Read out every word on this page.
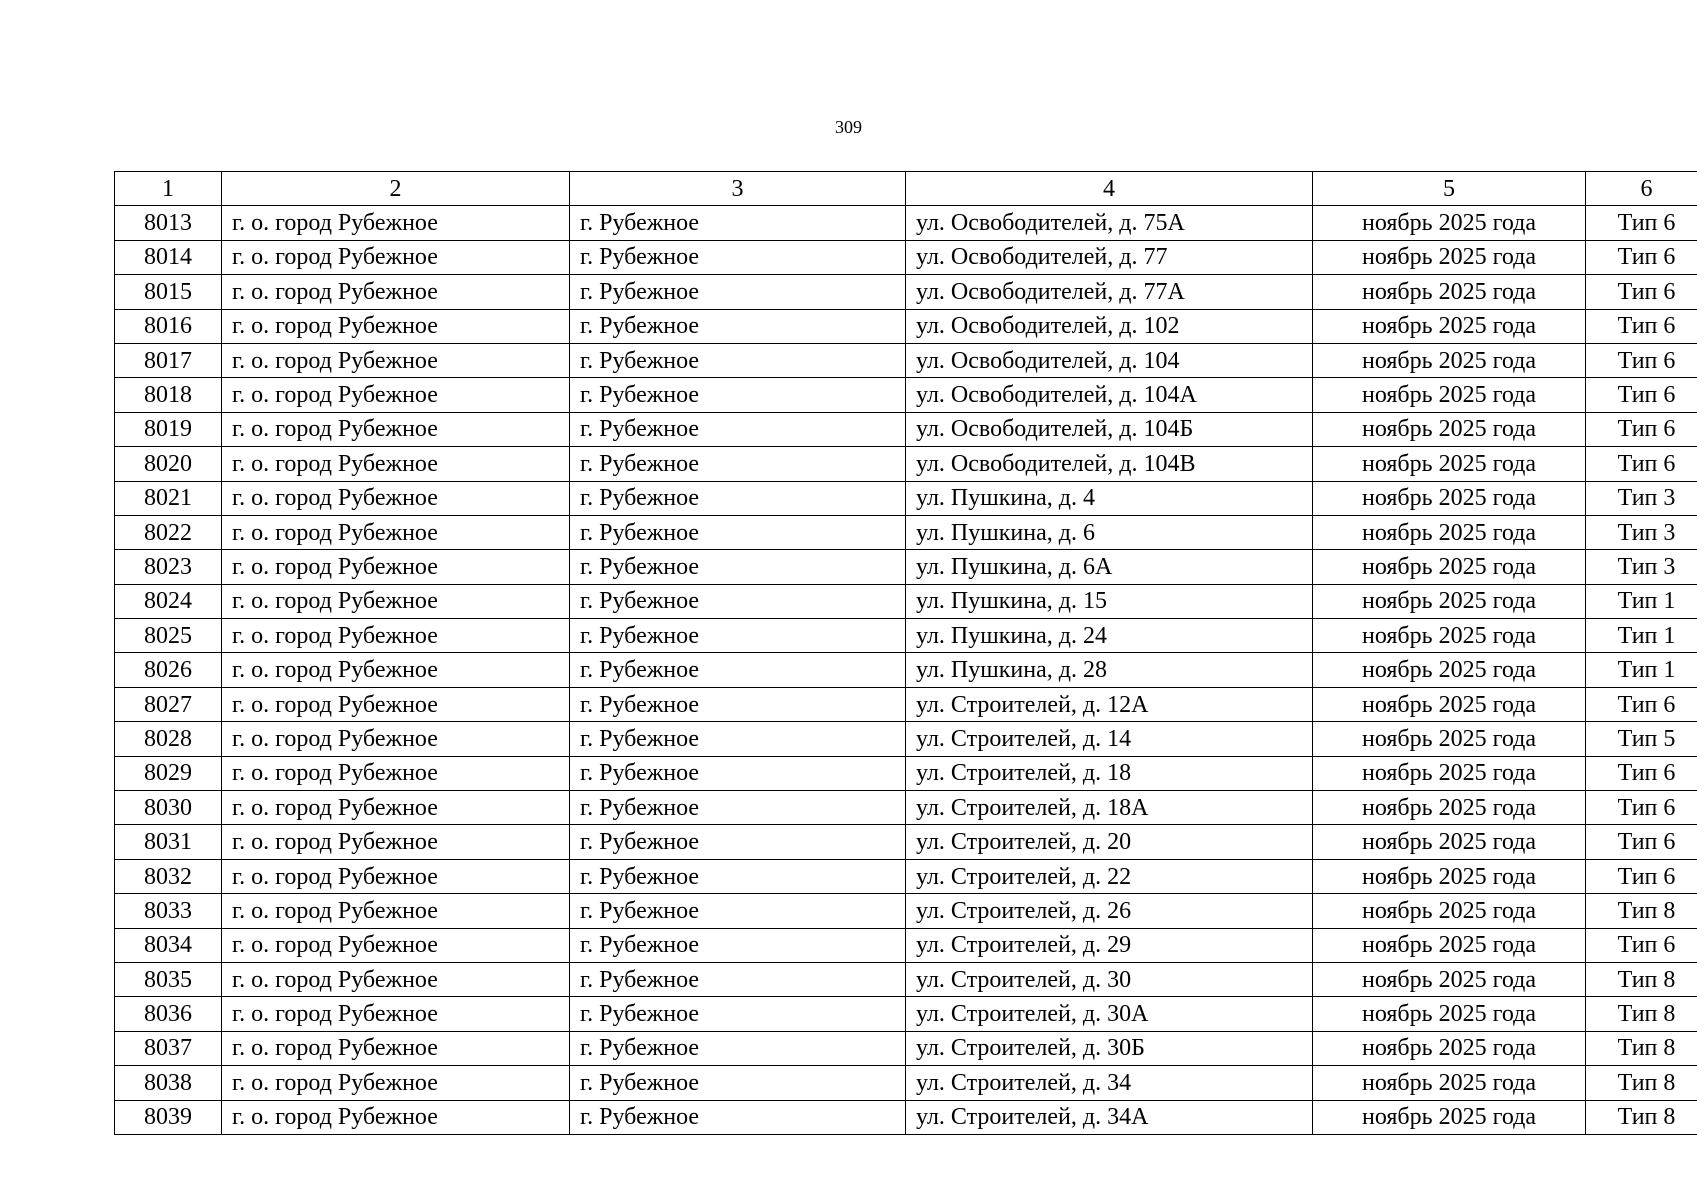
309
1	2	3	4	5	6
8013	г. о. город Рубежное	г. Рубежное	ул. Освободителей, д. 75А	ноябрь 2025 года	Тип 6
8014	г. о. город Рубежное	г. Рубежное	ул. Освободителей, д. 77	ноябрь 2025 года	Тип 6
8015	г. о. город Рубежное	г. Рубежное	ул. Освободителей, д. 77А	ноябрь 2025 года	Тип 6
8016	г. о. город Рубежное	г. Рубежное	ул. Освободителей, д. 102	ноябрь 2025 года	Тип 6
8017	г. о. город Рубежное	г. Рубежное	ул. Освободителей, д. 104	ноябрь 2025 года	Тип 6
8018	г. о. город Рубежное	г. Рубежное	ул. Освободителей, д. 104А	ноябрь 2025 года	Тип 6
8019	г. о. город Рубежное	г. Рубежное	ул. Освободителей, д. 104Б	ноябрь 2025 года	Тип 6
8020	г. о. город Рубежное	г. Рубежное	ул. Освободителей, д. 104В	ноябрь 2025 года	Тип 6
8021	г. о. город Рубежное	г. Рубежное	ул. Пушкина, д. 4	ноябрь 2025 года	Тип 3
8022	г. о. город Рубежное	г. Рубежное	ул. Пушкина, д. 6	ноябрь 2025 года	Тип 3
8023	г. о. город Рубежное	г. Рубежное	ул. Пушкина, д. 6А	ноябрь 2025 года	Тип 3
8024	г. о. город Рубежное	г. Рубежное	ул. Пушкина, д. 15	ноябрь 2025 года	Тип 1
8025	г. о. город Рубежное	г. Рубежное	ул. Пушкина, д. 24	ноябрь 2025 года	Тип 1
8026	г. о. город Рубежное	г. Рубежное	ул. Пушкина, д. 28	ноябрь 2025 года	Тип 1
8027	г. о. город Рубежное	г. Рубежное	ул. Строителей, д. 12А	ноябрь 2025 года	Тип 6
8028	г. о. город Рубежное	г. Рубежное	ул. Строителей, д. 14	ноябрь 2025 года	Тип 5
8029	г. о. город Рубежное	г. Рубежное	ул. Строителей, д. 18	ноябрь 2025 года	Тип 6
8030	г. о. город Рубежное	г. Рубежное	ул. Строителей, д. 18А	ноябрь 2025 года	Тип 6
8031	г. о. город Рубежное	г. Рубежное	ул. Строителей, д. 20	ноябрь 2025 года	Тип 6
8032	г. о. город Рубежное	г. Рубежное	ул. Строителей, д. 22	ноябрь 2025 года	Тип 6
8033	г. о. город Рубежное	г. Рубежное	ул. Строителей, д. 26	ноябрь 2025 года	Тип 8
8034	г. о. город Рубежное	г. Рубежное	ул. Строителей, д. 29	ноябрь 2025 года	Тип 6
8035	г. о. город Рубежное	г. Рубежное	ул. Строителей, д. 30	ноябрь 2025 года	Тип 8
8036	г. о. город Рубежное	г. Рубежное	ул. Строителей, д. 30А	ноябрь 2025 года	Тип 8
8037	г. о. город Рубежное	г. Рубежное	ул. Строителей, д. 30Б	ноябрь 2025 года	Тип 8
8038	г. о. город Рубежное	г. Рубежное	ул. Строителей, д. 34	ноябрь 2025 года	Тип 8
8039	г. о. город Рубежное	г. Рубежное	ул. Строителей, д. 34А	ноябрь 2025 года	Тип 8
